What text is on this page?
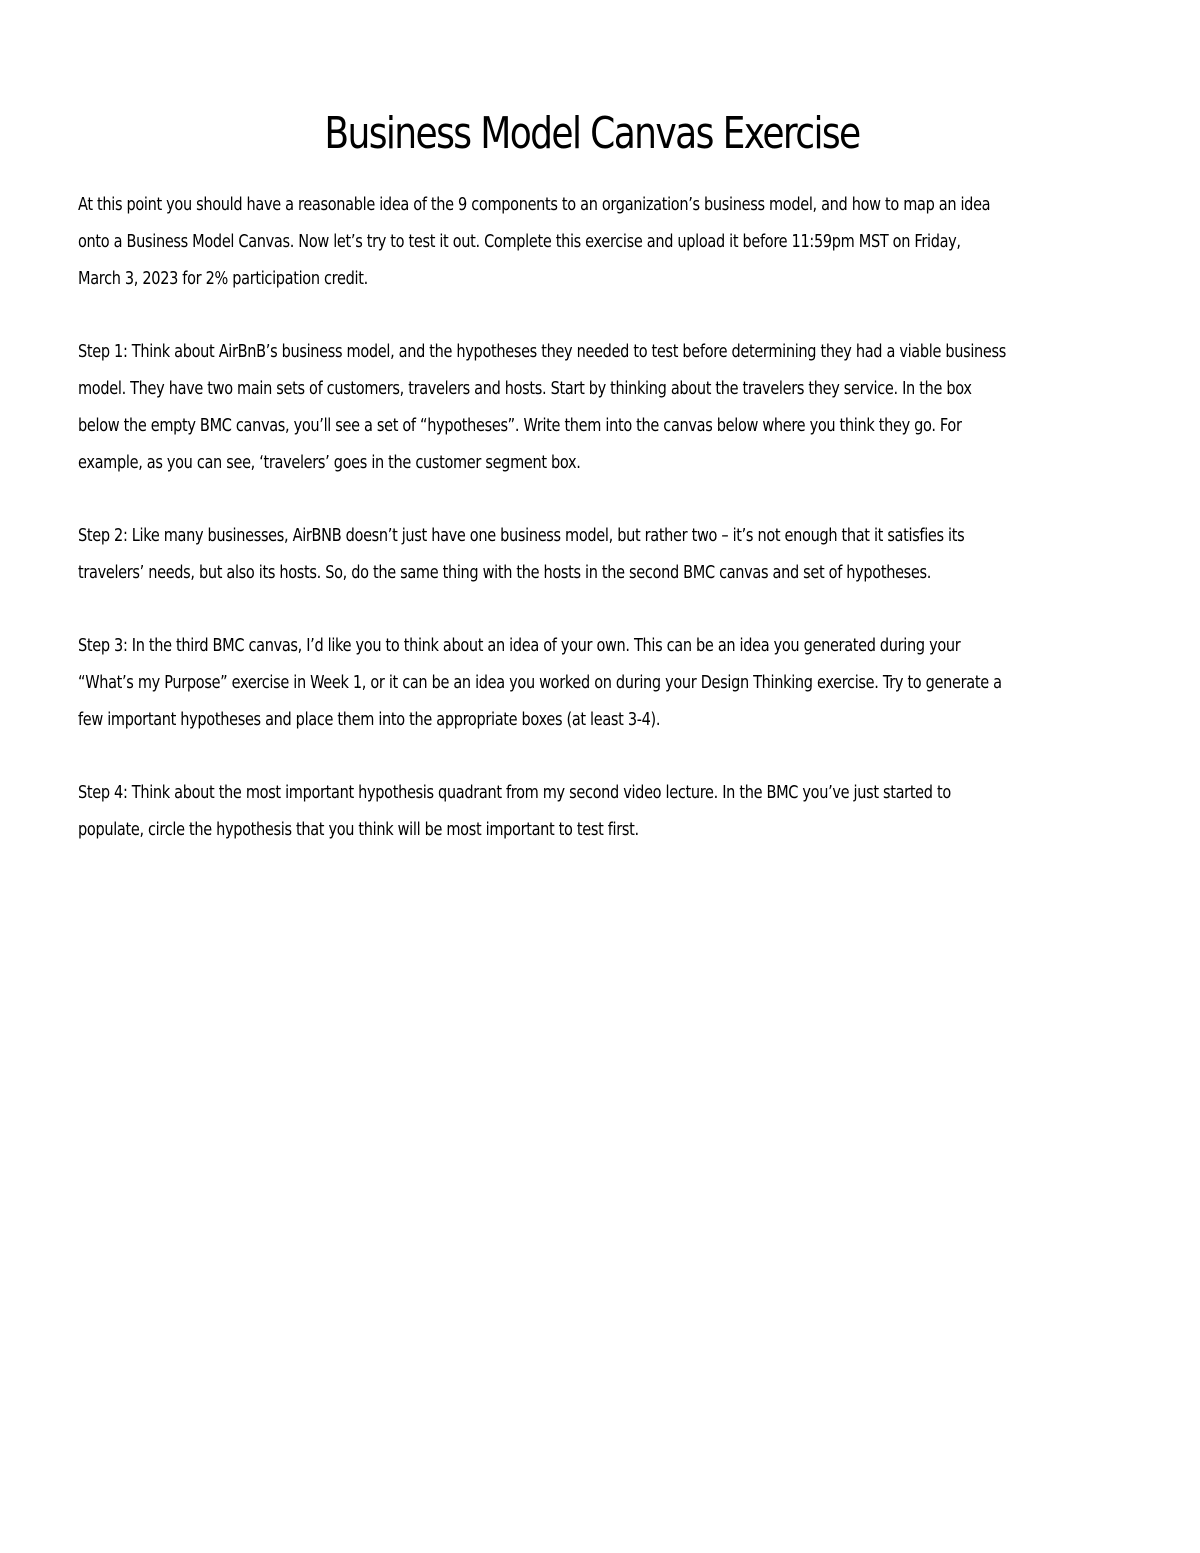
Business Model Canvas Exercise

At this point you should have a reasonable idea of the 9 components to an organization’s business model, and how to map an idea
onto a Business Model Canvas. Now let’s try to test it out. Complete this exercise and upload it before 11:59pm MST on Friday,
March 3, 2023 for 2% participation credit.

Step 1: Think about AirBnB’s business model, and the hypotheses they needed to test before determining they had a viable business
model. They have two main sets of customers, travelers and hosts. Start by thinking about the travelers they service. In the box
below the empty BMC canvas, you’ll see a set of “hypotheses”. Write them into the canvas below where you think they go. For
example, as you can see, ‘travelers’ goes in the customer segment box.

Step 2: Like many businesses, AirBNB doesn’t just have one business model, but rather two – it’s not enough that it satisfies its
travelers’ needs, but also its hosts. So, do the same thing with the hosts in the second BMC canvas and set of hypotheses.

Step 3: In the third BMC canvas, I’d like you to think about an idea of your own. This can be an idea you generated during your
“What’s my Purpose” exercise in Week 1, or it can be an idea you worked on during your Design Thinking exercise. Try to generate a
few important hypotheses and place them into the appropriate boxes (at least 3-4).

Step 4: Think about the most important hypothesis quadrant from my second video lecture. In the BMC you’ve just started to
populate, circle the hypothesis that you think will be most important to test first.
